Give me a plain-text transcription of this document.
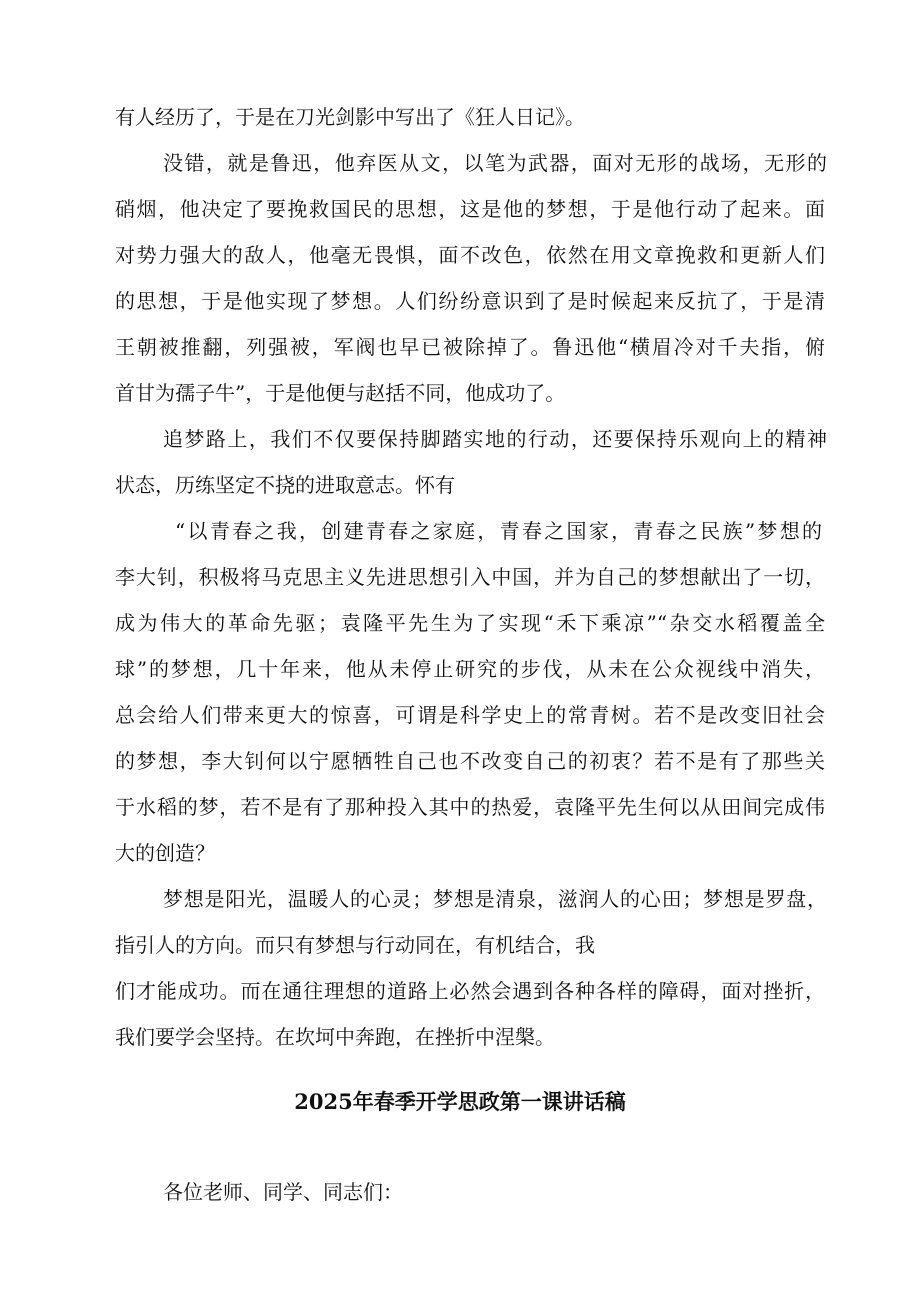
有人经历了，于是在刀光剑影中写出了《狂人日记》。
没错，就是鲁迅，他弃医从文，以笔为武器，面对无形的战场，无形的
硝烟，他决定了要挽救国民的思想，这是他的梦想，于是他行动了起来。面
对势力强大的敌人，他毫无畏惧，面不改色，依然在用文章挽救和更新人们
的思想，于是他实现了梦想。人们纷纷意识到了是时候起来反抗了，于是清
王朝被推翻，列强被，军阀也早已被除掉了。鲁迅他“横眉冷对千夫指，俯
首甘为孺子牛”，于是他便与赵括不同，他成功了。
追梦路上，我们不仅要保持脚踏实地的行动，还要保持乐观向上的精神
状态，历练坚定不挠的进取意志。怀有
“以青春之我，创建青春之家庭，青春之国家，青春之民族”梦想的
李大钊，积极将马克思主义先进思想引入中国，并为自己的梦想献出了一切，
成为伟大的革命先驱；袁隆平先生为了实现“禾下乘凉”“杂交水稻覆盖全
球”的梦想，几十年来，他从未停止研究的步伐，从未在公众视线中消失，
总会给人们带来更大的惊喜，可谓是科学史上的常青树。若不是改变旧社会
的梦想，李大钊何以宁愿牺牲自己也不改变自己的初衷？若不是有了那些关
于水稻的梦，若不是有了那种投入其中的热爱，袁隆平先生何以从田间完成伟
大的创造？
梦想是阳光，温暖人的心灵；梦想是清泉，滋润人的心田；梦想是罗盘，
指引人的方向。而只有梦想与行动同在，有机结合，我
们才能成功。而在通往理想的道路上必然会遇到各种各样的障碍，面对挫折，
我们要学会坚持。在坎坷中奔跑，在挫折中涅槃。
2025年春季开学思政第一课讲话稿
各位老师、同学、同志们：
